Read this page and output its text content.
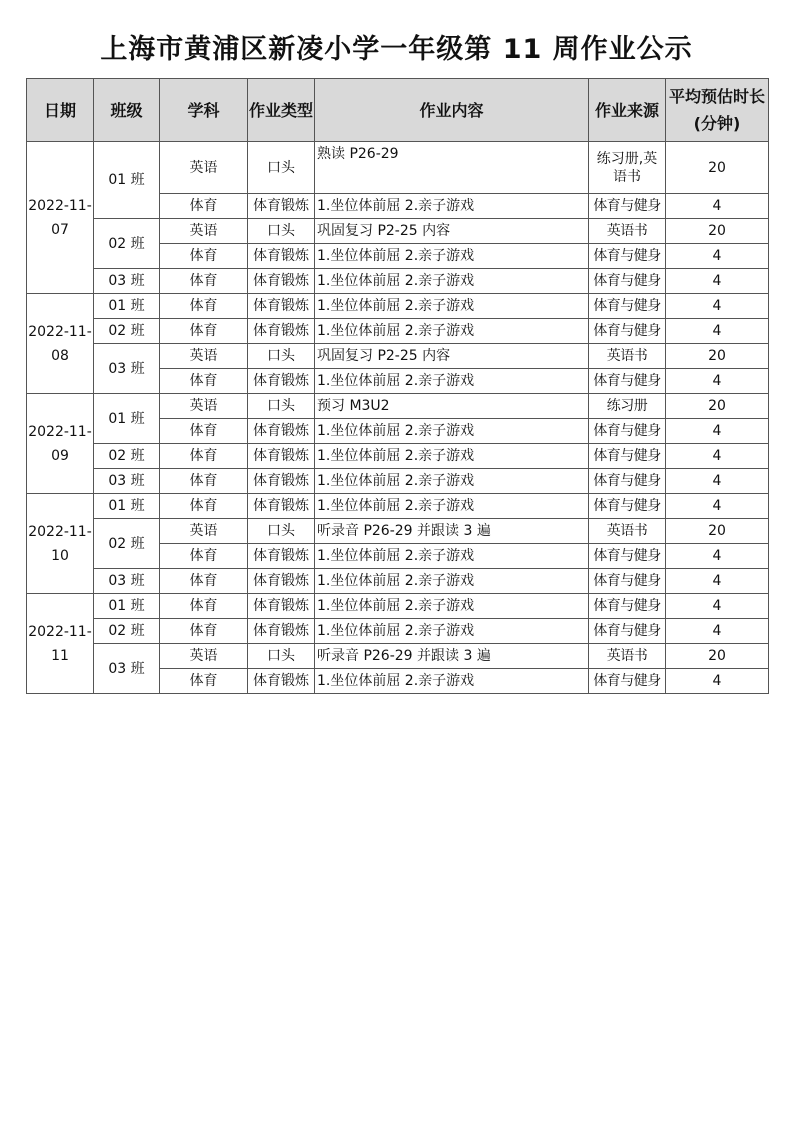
上海市黄浦区新凌小学一年级第 11 周作业公示
日期	班级	学科	作业类型	作业内容	作业来源	平均预估时长(分钟)
2022-11-07	01 班	英语	口头	熟读 P26-29	练习册,英语书	20
		体育	体育锻炼	1.坐位体前屈 2.亲子游戏	体育与健身	4
	02 班	英语	口头	巩固复习 P2-25 内容	英语书	20
		体育	体育锻炼	1.坐位体前屈 2.亲子游戏	体育与健身	4
	03 班	体育	体育锻炼	1.坐位体前屈 2.亲子游戏	体育与健身	4
2022-11-08	01 班	体育	体育锻炼	1.坐位体前屈 2.亲子游戏	体育与健身	4
	02 班	体育	体育锻炼	1.坐位体前屈 2.亲子游戏	体育与健身	4
	03 班	英语	口头	巩固复习 P2-25 内容	英语书	20
		体育	体育锻炼	1.坐位体前屈 2.亲子游戏	体育与健身	4
2022-11-09	01 班	英语	口头	预习 M3U2	练习册	20
		体育	体育锻炼	1.坐位体前屈 2.亲子游戏	体育与健身	4
	02 班	体育	体育锻炼	1.坐位体前屈 2.亲子游戏	体育与健身	4
	03 班	体育	体育锻炼	1.坐位体前屈 2.亲子游戏	体育与健身	4
2022-11-10	01 班	体育	体育锻炼	1.坐位体前屈 2.亲子游戏	体育与健身	4
	02 班	英语	口头	听录音 P26-29 并跟读 3 遍	英语书	20
		体育	体育锻炼	1.坐位体前屈 2.亲子游戏	体育与健身	4
	03 班	体育	体育锻炼	1.坐位体前屈 2.亲子游戏	体育与健身	4
2022-11-11	01 班	体育	体育锻炼	1.坐位体前屈 2.亲子游戏	体育与健身	4
	02 班	体育	体育锻炼	1.坐位体前屈 2.亲子游戏	体育与健身	4
	03 班	英语	口头	听录音 P26-29 并跟读 3 遍	英语书	20
		体育	体育锻炼	1.坐位体前屈 2.亲子游戏	体育与健身	4
